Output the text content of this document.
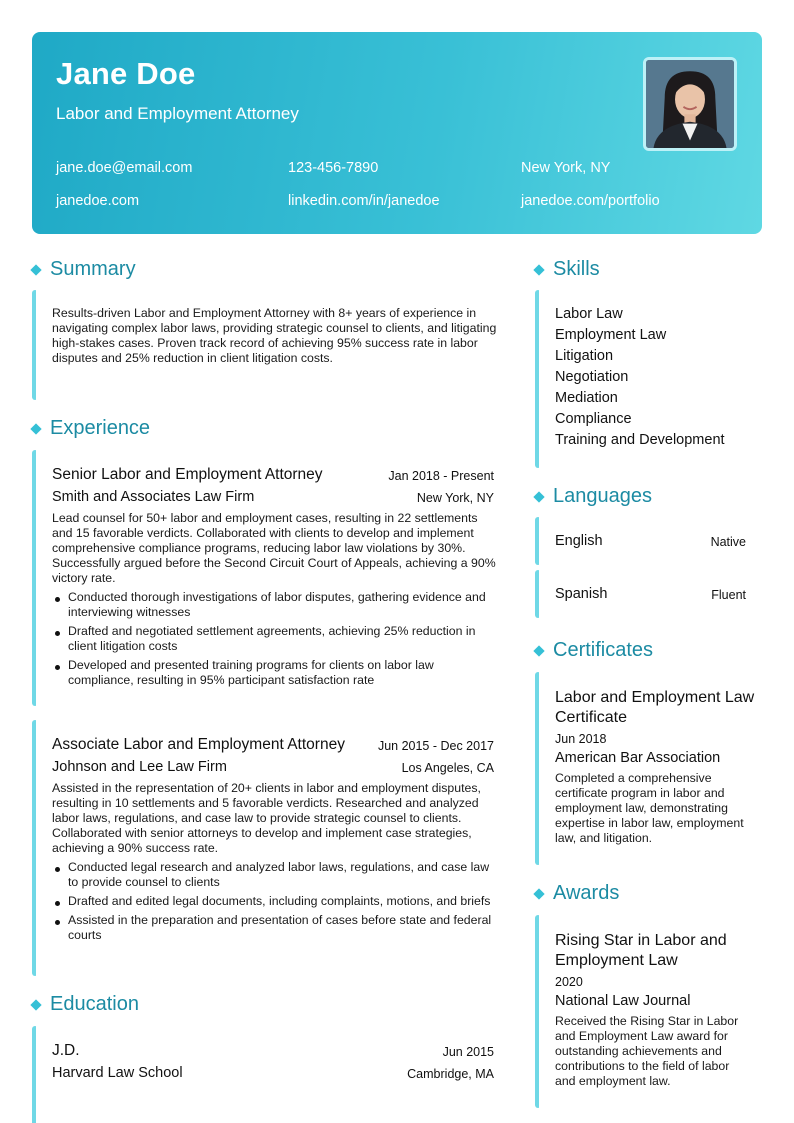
Jane Doe
Labor and Employment Attorney
jane.doe@email.com	123-456-7890	New York, NY
janedoe.com	linkedin.com/in/janedoe	janedoe.com/portfolio
Summary
Results-driven Labor and Employment Attorney with 8+ years of experience in navigating complex labor laws, providing strategic counsel to clients, and litigating high-stakes cases. Proven track record of achieving 95% success rate in labor disputes and 25% reduction in client litigation costs.
Experience
Senior Labor and Employment Attorney	Jan 2018 - Present
Smith and Associates Law Firm	New York, NY
Lead counsel for 50+ labor and employment cases, resulting in 22 settlements and 15 favorable verdicts. Collaborated with clients to develop and implement comprehensive compliance programs, reducing labor law violations by 30%. Successfully argued before the Second Circuit Court of Appeals, achieving a 90% victory rate.
Conducted thorough investigations of labor disputes, gathering evidence and interviewing witnesses
Drafted and negotiated settlement agreements, achieving 25% reduction in client litigation costs
Developed and presented training programs for clients on labor law compliance, resulting in 95% participant satisfaction rate
Associate Labor and Employment Attorney	Jun 2015 - Dec 2017
Johnson and Lee Law Firm	Los Angeles, CA
Assisted in the representation of 20+ clients in labor and employment disputes, resulting in 10 settlements and 5 favorable verdicts. Researched and analyzed labor laws, regulations, and case law to provide strategic counsel to clients. Collaborated with senior attorneys to develop and implement case strategies, achieving a 90% success rate.
Conducted legal research and analyzed labor laws, regulations, and case law to provide counsel to clients
Drafted and edited legal documents, including complaints, motions, and briefs
Assisted in the preparation and presentation of cases before state and federal courts
Education
J.D.	Jun 2015
Harvard Law School	Cambridge, MA
Skills
Labor Law
Employment Law
Litigation
Negotiation
Mediation
Compliance
Training and Development
Languages
English	Native
Spanish	Fluent
Certificates
Labor and Employment Law Certificate
Jun 2018
American Bar Association
Completed a comprehensive certificate program in labor and employment law, demonstrating expertise in labor law, employment law, and litigation.
Awards
Rising Star in Labor and Employment Law
2020
National Law Journal
Received the Rising Star in Labor and Employment Law award for outstanding achievements and contributions to the field of labor and employment law.
